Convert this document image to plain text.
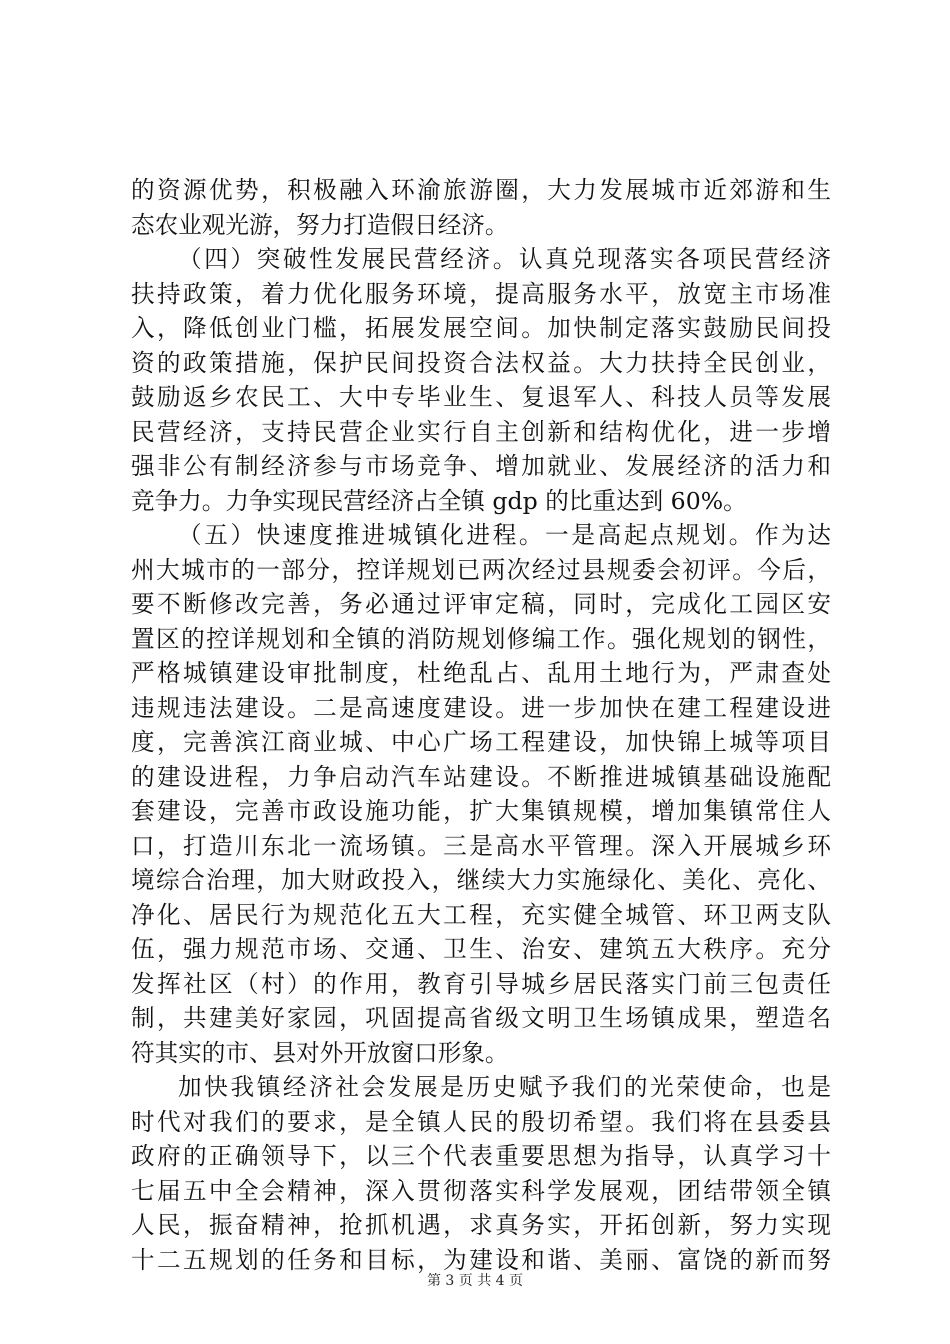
的资源优势，积极融入环渝旅游圈，大力发展城市近郊游和生
态农业观光游，努力打造假日经济。
（四）突破性发展民营经济。认真兑现落实各项民营经济
扶持政策，着力优化服务环境，提高服务水平，放宽主市场准
入，降低创业门槛，拓展发展空间。加快制定落实鼓励民间投
资的政策措施，保护民间投资合法权益。大力扶持全民创业，
鼓励返乡农民工、大中专毕业生、复退军人、科技人员等发展
民营经济，支持民营企业实行自主创新和结构优化，进一步增
强非公有制经济参与市场竞争、增加就业、发展经济的活力和
竞争力。力争实现民营经济占全镇 gdp 的比重达到 60%。
（五）快速度推进城镇化进程。一是高起点规划。作为达
州大城市的一部分，控详规划已两次经过县规委会初评。今后，
要不断修改完善，务必通过评审定稿，同时，完成化工园区安
置区的控详规划和全镇的消防规划修编工作。强化规划的钢性，
严格城镇建设审批制度，杜绝乱占、乱用土地行为，严肃查处
违规违法建设。二是高速度建设。进一步加快在建工程建设进
度，完善滨江商业城、中心广场工程建设，加快锦上城等项目
的建设进程，力争启动汽车站建设。不断推进城镇基础设施配
套建设，完善市政设施功能，扩大集镇规模，增加集镇常住人
口，打造川东北一流场镇。三是高水平管理。深入开展城乡环
境综合治理，加大财政投入，继续大力实施绿化、美化、亮化、
净化、居民行为规范化五大工程，充实健全城管、环卫两支队
伍，强力规范市场、交通、卫生、治安、建筑五大秩序。充分
发挥社区（村）的作用，教育引导城乡居民落实门前三包责任
制，共建美好家园，巩固提高省级文明卫生场镇成果，塑造名
符其实的市、县对外开放窗口形象。
加快我镇经济社会发展是历史赋予我们的光荣使命，也是
时代对我们的要求，是全镇人民的殷切希望。我们将在县委县
政府的正确领导下，以三个代表重要思想为指导，认真学习十
七届五中全会精神，深入贯彻落实科学发展观，团结带领全镇
人民，振奋精神，抢抓机遇，求真务实，开拓创新，努力实现
十二五规划的任务和目标，为建设和谐、美丽、富饶的新而努
第 3 页 共 4 页
